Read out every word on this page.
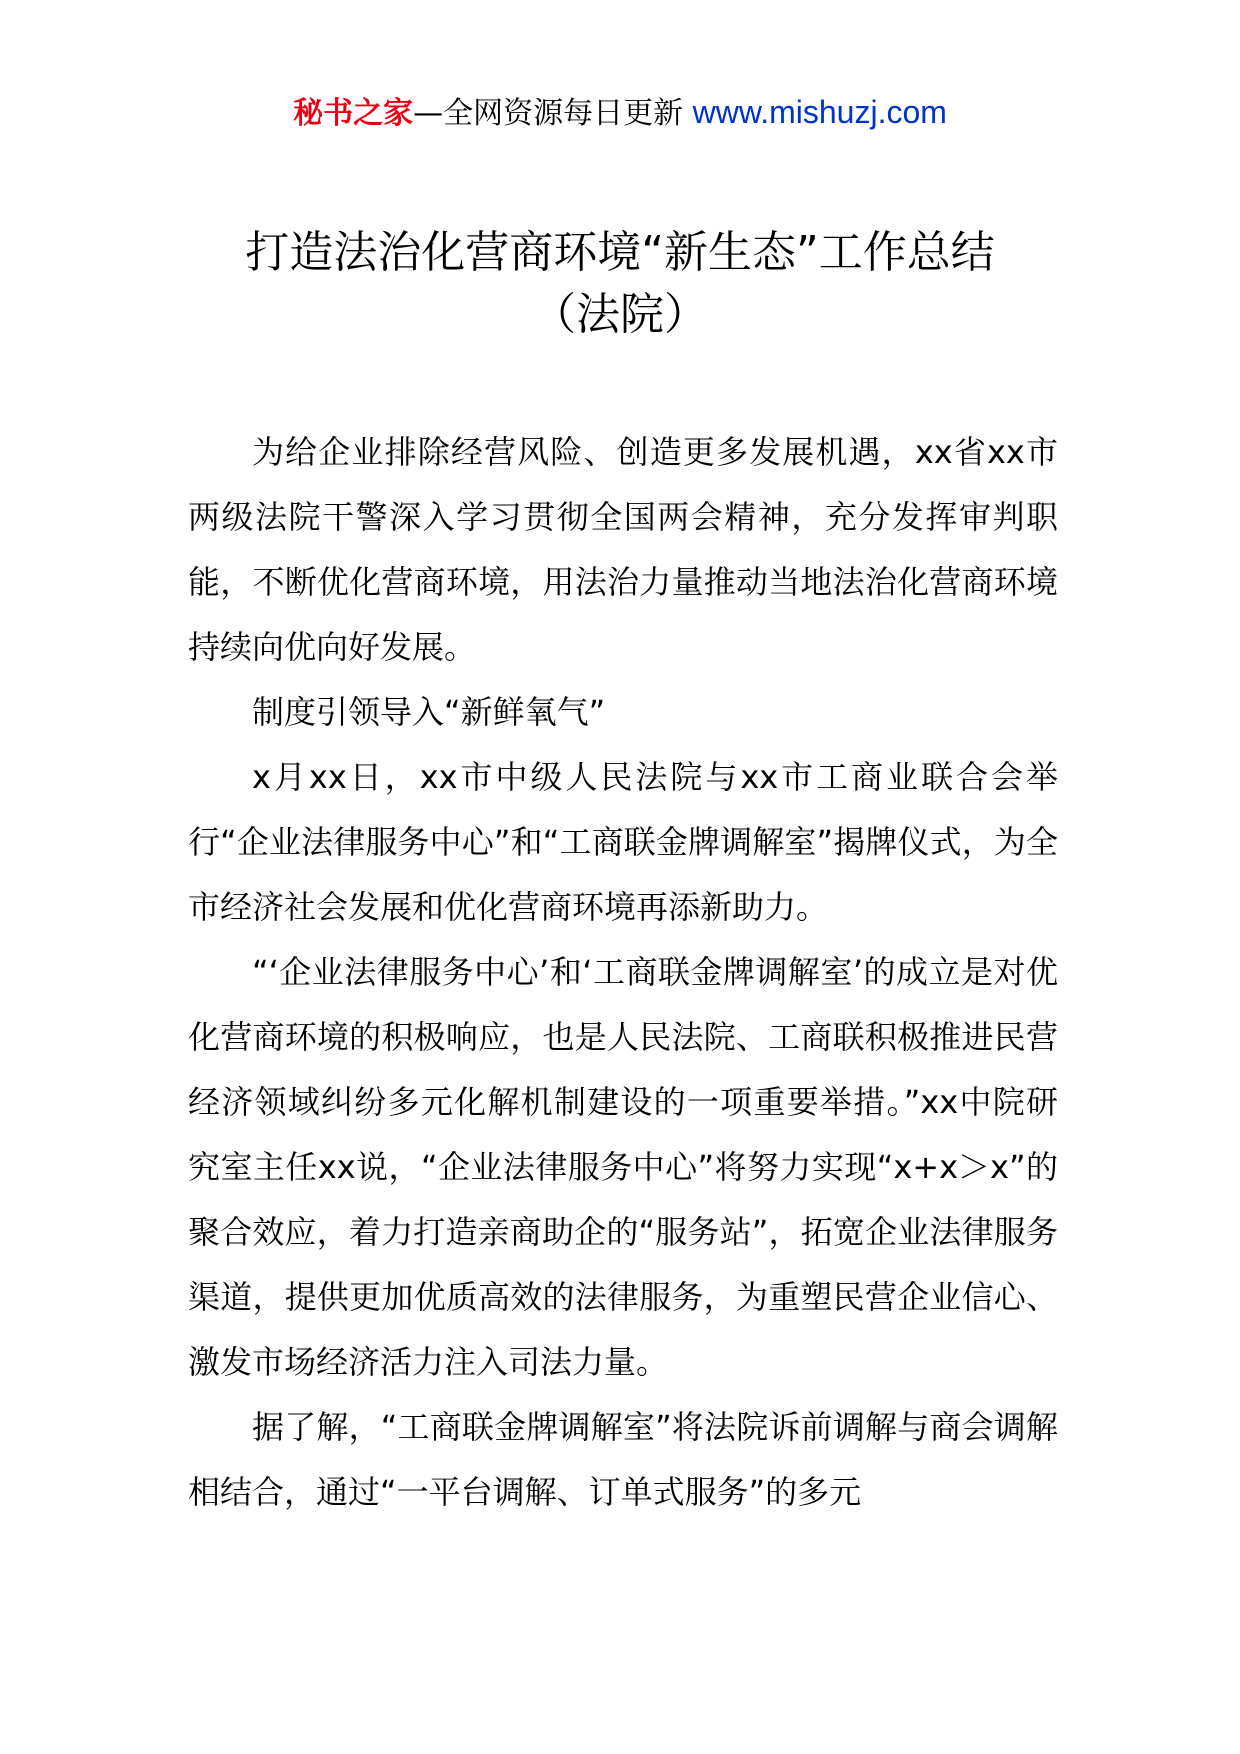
秘书之家—全网资源每日更新 www.mishuzj.com
打造法治化营商环境“新生态”工作总结
（法院）

为给企业排除经营风险、创造更多发展机遇，xx省xx市两级法院干警深入学习贯彻全国两会精神，充分发挥审判职能，不断优化营商环境，用法治力量推动当地法治化营商环境持续向优向好发展。

制度引领导入“新鲜氧气”

x月xx日，xx市中级人民法院与xx市工商业联合会举行“企业法律服务中心”和“工商联金牌调解室”揭牌仪式，为全市经济社会发展和优化营商环境再添新助力。

“‘企业法律服务中心’和‘工商联金牌调解室’的成立是对优化营商环境的积极响应，也是人民法院、工商联积极推进民营经济领域纠纷多元化解机制建设的一项重要举措。”xx中院研究室主任xx说，“企业法律服务中心”将努力实现“x+x＞x”的聚合效应，着力打造亲商助企的“服务站”，拓宽企业法律服务渠道，提供更加优质高效的法律服务，为重塑民营企业信心、激发市场经济活力注入司法力量。

据了解，“工商联金牌调解室”将法院诉前调解与商会调解相结合，通过“一平台调解、订单式服务”的多元
